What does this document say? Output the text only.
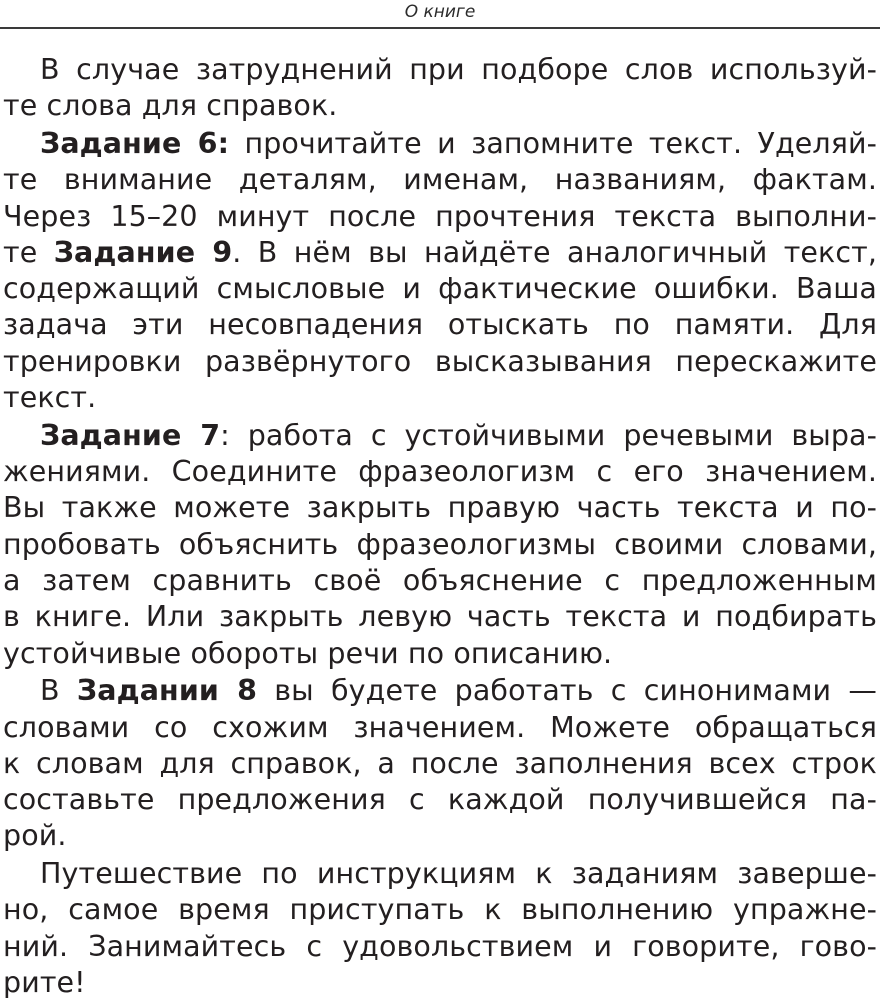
О книге
В случае затруднений при подборе слов используй-
те слова для справок.
Задание 6: прочитайте и запомните текст. Уделяй-
те внимание деталям, именам, названиям, фактам.
Через 15–20 минут после прочтения текста выполни-
те Задание 9. В нём вы найдёте аналогичный текст,
содержащий смысловые и фактические ошибки. Ваша
задача эти несовпадения отыскать по памяти. Для
тренировки развёрнутого высказывания перескажите
текст.
Задание 7: работа с устойчивыми речевыми выра-
жениями. Соедините фразеологизм с его значением.
Вы также можете закрыть правую часть текста и по-
пробовать объяснить фразеологизмы своими словами,
а затем сравнить своё объяснение с предложенным
в книге. Или закрыть левую часть текста и подбирать
устойчивые обороты речи по описанию.
В Задании 8 вы будете работать с синонимами —
словами со схожим значением. Можете обращаться
к словам для справок, а после заполнения всех строк
составьте предложения с каждой получившейся па-
рой.
Путешествие по инструкциям к заданиям заверше-
но, самое время приступать к выполнению упражне-
ний. Занимайтесь с удовольствием и говорите, гово-
рите!
